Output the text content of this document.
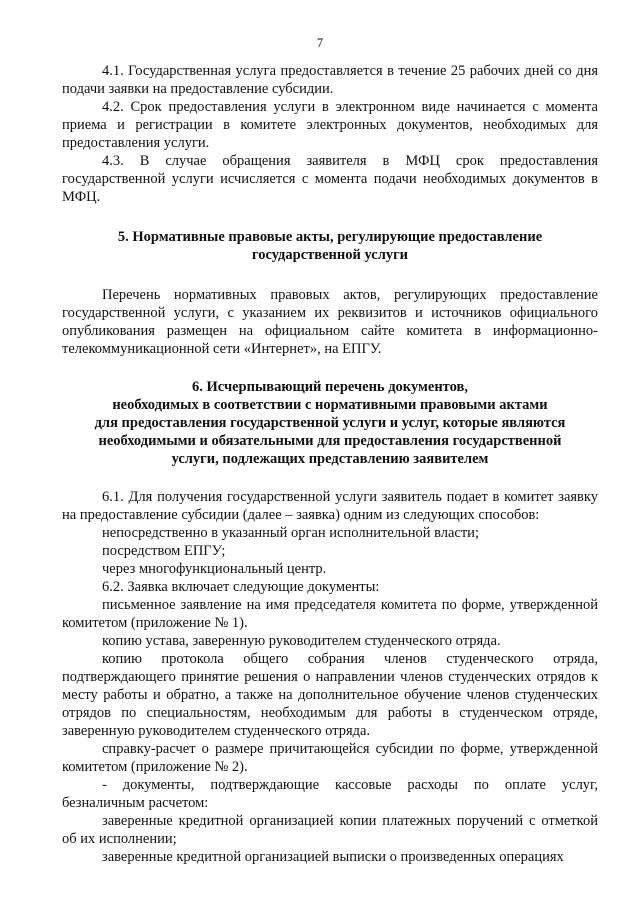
7

4.1. Государственная услуга предоставляется в течение 25 рабочих дней со дня подачи заявки на предоставление субсидии.

4.2. Срок предоставления услуги в электронном виде начинается с момента приема и регистрации в комитете электронных документов, необходимых для предоставления услуги.

4.3. В случае обращения заявителя в МФЦ срок предоставления государственной услуги исчисляется с момента подачи необходимых документов в МФЦ.

5. Нормативные правовые акты, регулирующие предоставление
государственной услуги

Перечень нормативных правовых актов, регулирующих предоставление государственной услуги, с указанием их реквизитов и источников официального опубликования размещен на официальном сайте комитета в информационно-телекоммуникационной сети «Интернет», на ЕПГУ.

6. Исчерпывающий перечень документов,
необходимых в соответствии с нормативными правовыми актами
для предоставления государственной услуги и услуг, которые являются
необходимыми и обязательными для предоставления государственной
услуги, подлежащих представлению заявителем

6.1. Для получения государственной услуги заявитель подает в комитет заявку на предоставление субсидии (далее – заявка) одним из следующих способов:

непосредственно в указанный орган исполнительной власти;

посредством ЕПГУ;

через многофункциональный центр.

6.2. Заявка включает следующие документы:

письменное заявление на имя председателя комитета по форме, утвержденной комитетом (приложение № 1).

копию устава, заверенную руководителем студенческого отряда.

копию протокола общего собрания членов студенческого отряда, подтверждающего принятие решения о направлении членов студенческих отрядов к месту работы и обратно, а также на дополнительное обучение членов студенческих отрядов по специальностям, необходимым для работы в студенческом отряде, заверенную руководителем студенческого отряда.

справку-расчет о размере причитающейся субсидии по форме, утвержденной комитетом (приложение № 2).

- документы, подтверждающие кассовые расходы по оплате услуг, безналичным расчетом:

заверенные кредитной организацией копии платежных поручений с отметкой об их исполнении;

заверенные кредитной организацией выписки о произведенных операциях
